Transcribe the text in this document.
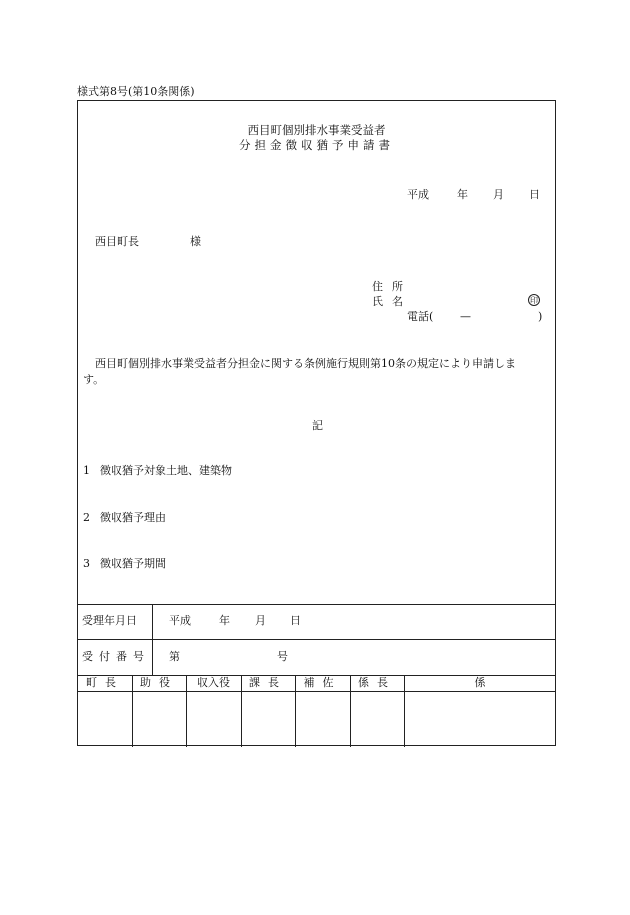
様式第8号(第10条関係)
西目町個別排水事業受益者
分担金徴収猶予申請書
平成	年 月 日
西目町長	様
住所
氏名	印
電話( —	)
西目町個別排水事業受益者分担金に関する条例施行規則第10条の規定により申請しま
す。
記
1 徴収猶予対象土地、建築物
2 徴収猶予理由
3 徴収猶予期間
受理年月日	平成	年 月 日
受付番号 第	号
町長	助役	収入役	課長	補佐	係長	係
